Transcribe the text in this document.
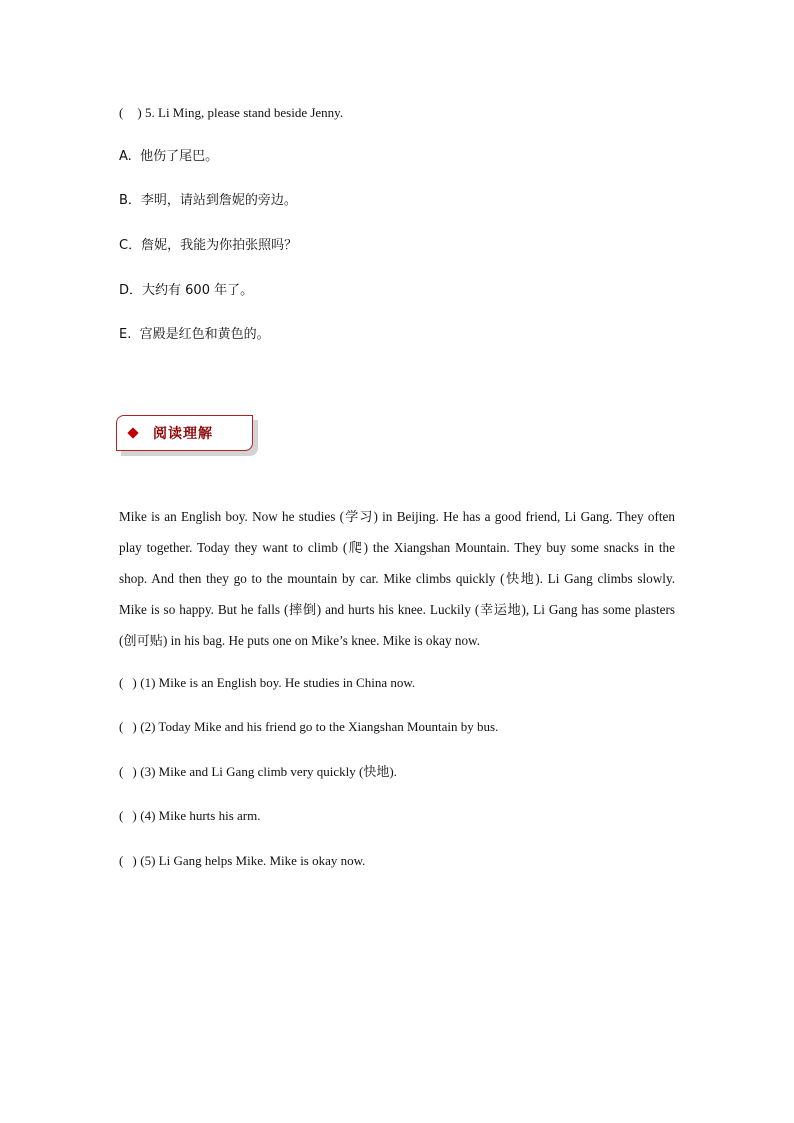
( ) 5. Li Ming, please stand beside Jenny.
A. 他伤了尾巴。
B．李明，请站到詹妮的旁边。
C．詹妮，我能为你拍张照吗？
D．大约有 600 年了。
E. 宫殿是红色和黄色的。
阅读理解

Mike is an English boy. Now he studies (学习) in Beijing. He has a good friend, Li Gang. They often play together. Today they want to climb (爬) the Xiangshan Mountain. They buy some snacks in the shop. And then they go to the mountain by car. Mike climbs quickly (快地). Li Gang climbs slowly. Mike is so happy. But he falls (摔倒) and hurts his knee. Luckily (幸运地), Li Gang has some plasters (创可贴) in his bag. He puts one on Mike’s knee. Mike is okay now.

( ) (1) Mike is an English boy. He studies in China now.
( ) (2) Today Mike and his friend go to the Xiangshan Mountain by bus.
( ) (3) Mike and Li Gang climb very quickly (快地).
( ) (4) Mike hurts his arm.
( ) (5) Li Gang helps Mike. Mike is okay now.
